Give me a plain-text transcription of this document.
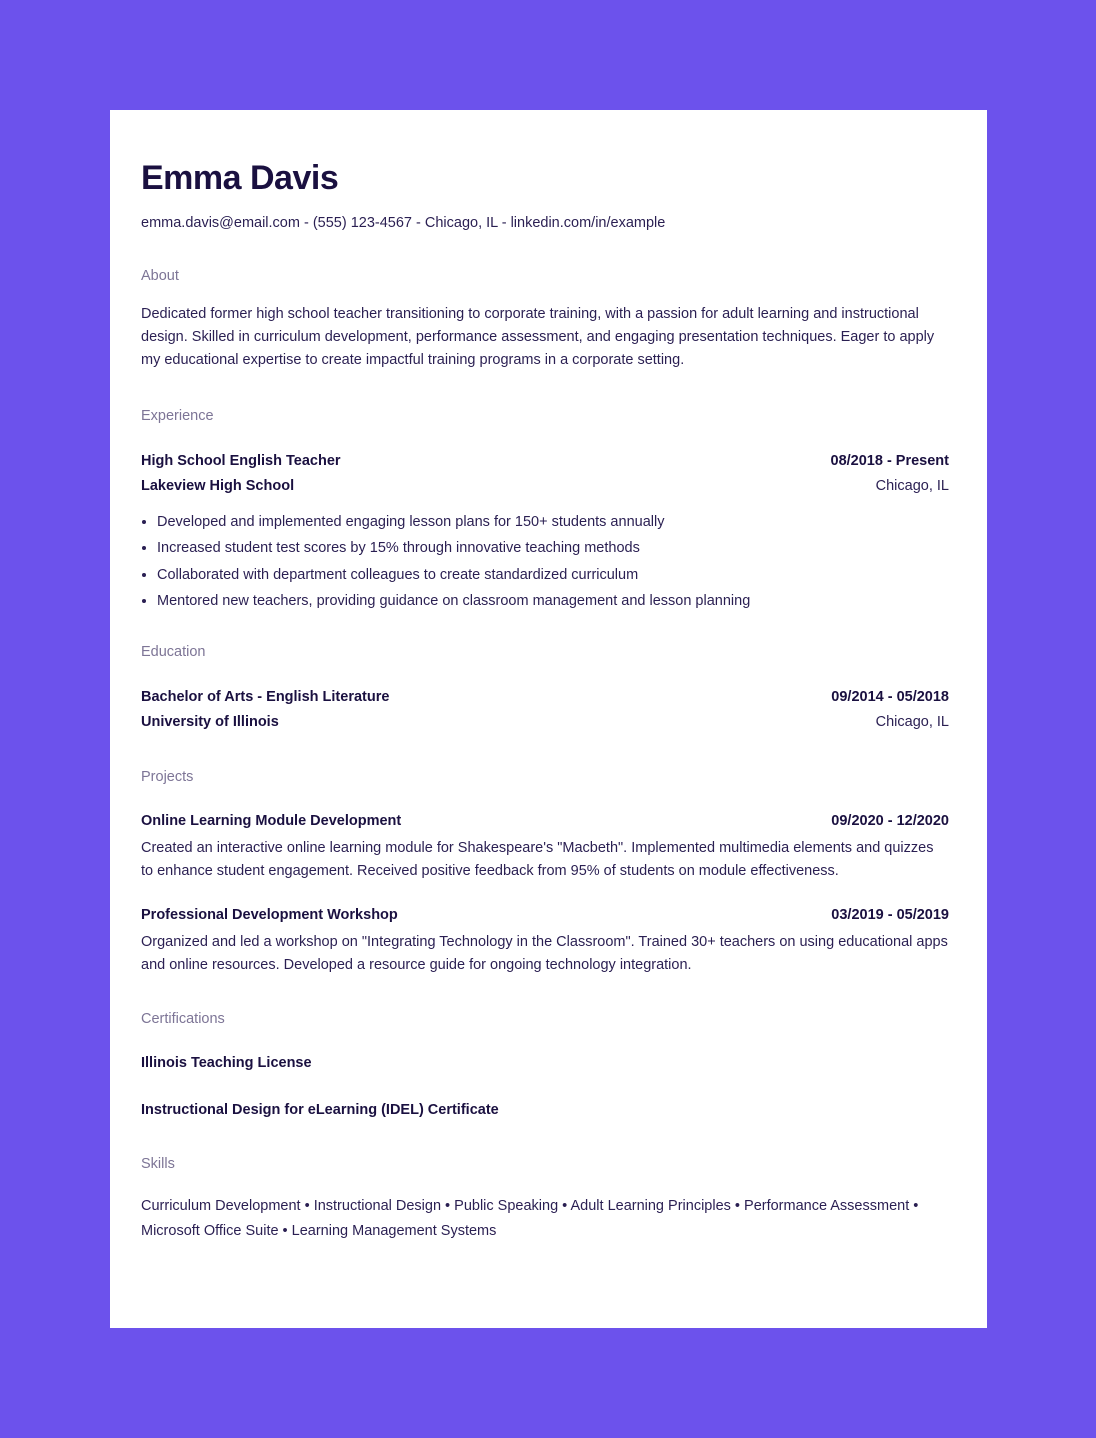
Emma Davis
emma.davis@email.com - (555) 123-4567 - Chicago, IL - linkedin.com/in/example
About
Dedicated former high school teacher transitioning to corporate training, with a passion for adult learning and instructional design. Skilled in curriculum development, performance assessment, and engaging presentation techniques. Eager to apply my educational expertise to create impactful training programs in a corporate setting.
Experience
High School English Teacher	08/2018 - Present
Lakeview High School	Chicago, IL
• Developed and implemented engaging lesson plans for 150+ students annually
• Increased student test scores by 15% through innovative teaching methods
• Collaborated with department colleagues to create standardized curriculum
• Mentored new teachers, providing guidance on classroom management and lesson planning
Education
Bachelor of Arts - English Literature	09/2014 - 05/2018
University of Illinois	Chicago, IL
Projects
Online Learning Module Development	09/2020 - 12/2020
Created an interactive online learning module for Shakespeare's "Macbeth". Implemented multimedia elements and quizzes to enhance student engagement. Received positive feedback from 95% of students on module effectiveness.
Professional Development Workshop	03/2019 - 05/2019
Organized and led a workshop on "Integrating Technology in the Classroom". Trained 30+ teachers on using educational apps and online resources. Developed a resource guide for ongoing technology integration.
Certifications
Illinois Teaching License
Instructional Design for eLearning (IDEL) Certificate
Skills
Curriculum Development • Instructional Design • Public Speaking • Adult Learning Principles • Performance Assessment • Microsoft Office Suite • Learning Management Systems
